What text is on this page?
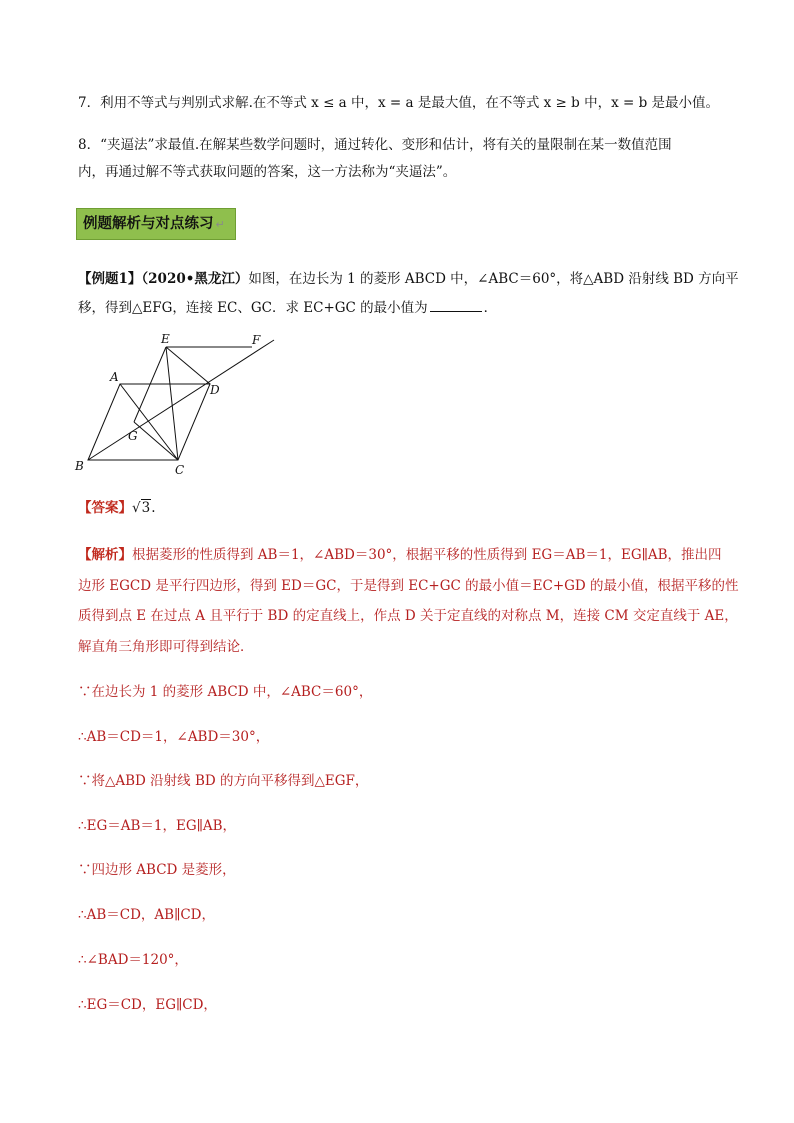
7．利用不等式与判别式求解.在不等式 x ≤ a 中，x = a 是最大值，在不等式 x ≥ b 中，x = b 是最小值。
8．“夹逼法”求最值.在解某些数学问题时，通过转化、变形和估计，将有关的量限制在某一数值范围
内，再通过解不等式获取问题的答案，这一方法称为“夹逼法”。
例题解析与对点练习 ↵
【例题1】（2020•黑龙江）如图，在边长为 1 的菱形 ABCD 中，∠ABC＝60°，将△ABD 沿射线 BD 方向平
移，得到△EFG，连接 EC、GC．求 EC+GC 的最小值为	．
A
B	C
D
E	F
G
【答案】√3.
【解析】根据菱形的性质得到 AB＝1，∠ABD＝30°，根据平移的性质得到 EG＝AB＝1，EG∥AB，推出四
边形 EGCD 是平行四边形，得到 ED＝GC，于是得到 EC+GC 的最小值＝EC+GD 的最小值，根据平移的性
质得到点 E 在过点 A 且平行于 BD 的定直线上，作点 D 关于定直线的对称点 M，连接 CM 交定直线于 AE，
解直角三角形即可得到结论．
∵在边长为 1 的菱形 ABCD 中，∠ABC＝60°，
∴AB＝CD＝1，∠ABD＝30°，
∵将△ABD 沿射线 BD 的方向平移得到△EGF，
∴EG＝AB＝1，EG∥AB，
∵四边形 ABCD 是菱形，
∴AB＝CD，AB∥CD，
∴∠BAD＝120°，
∴EG＝CD，EG∥CD，
